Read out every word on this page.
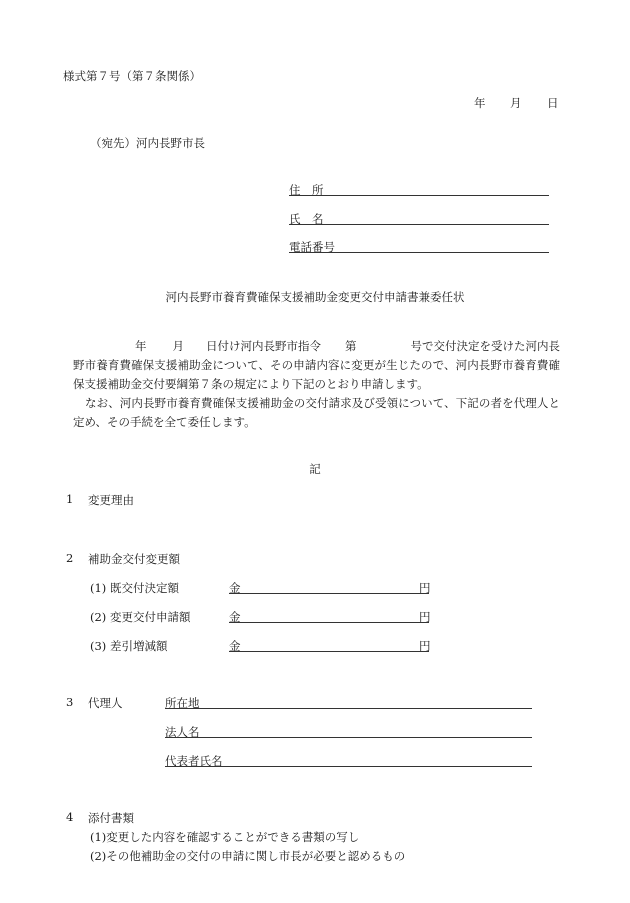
様式第７号（第７条関係）
年 月 日
（宛先）河内長野市長
住　所
氏　名
電話番号
河内長野市養育費確保支援補助金変更交付申請書兼委任状
年 月 日付け河内長野市指令 第	号で交付決定を受けた河内長野市養育費確保支援補助金について、その申請内容に変更が生じたので、河内長野市養育費確保支援補助金交付要綱第７条の規定により下記のとおり申請します。
なお、河内長野市養育費確保支援補助金の交付請求及び受領について、下記の者を代理人と定め、その手続を全て委任します。
記
1 変更理由
2 補助金交付変更額
(1) 既交付決定額	金	円
(2) 変更交付申請額	金	円
(3) 差引増減額	金	円
3 代理人	所在地
法人名
代表者氏名
4 添付書類
(1)変更した内容を確認することができる書類の写し
(2)その他補助金の交付の申請に関し市長が必要と認めるもの
